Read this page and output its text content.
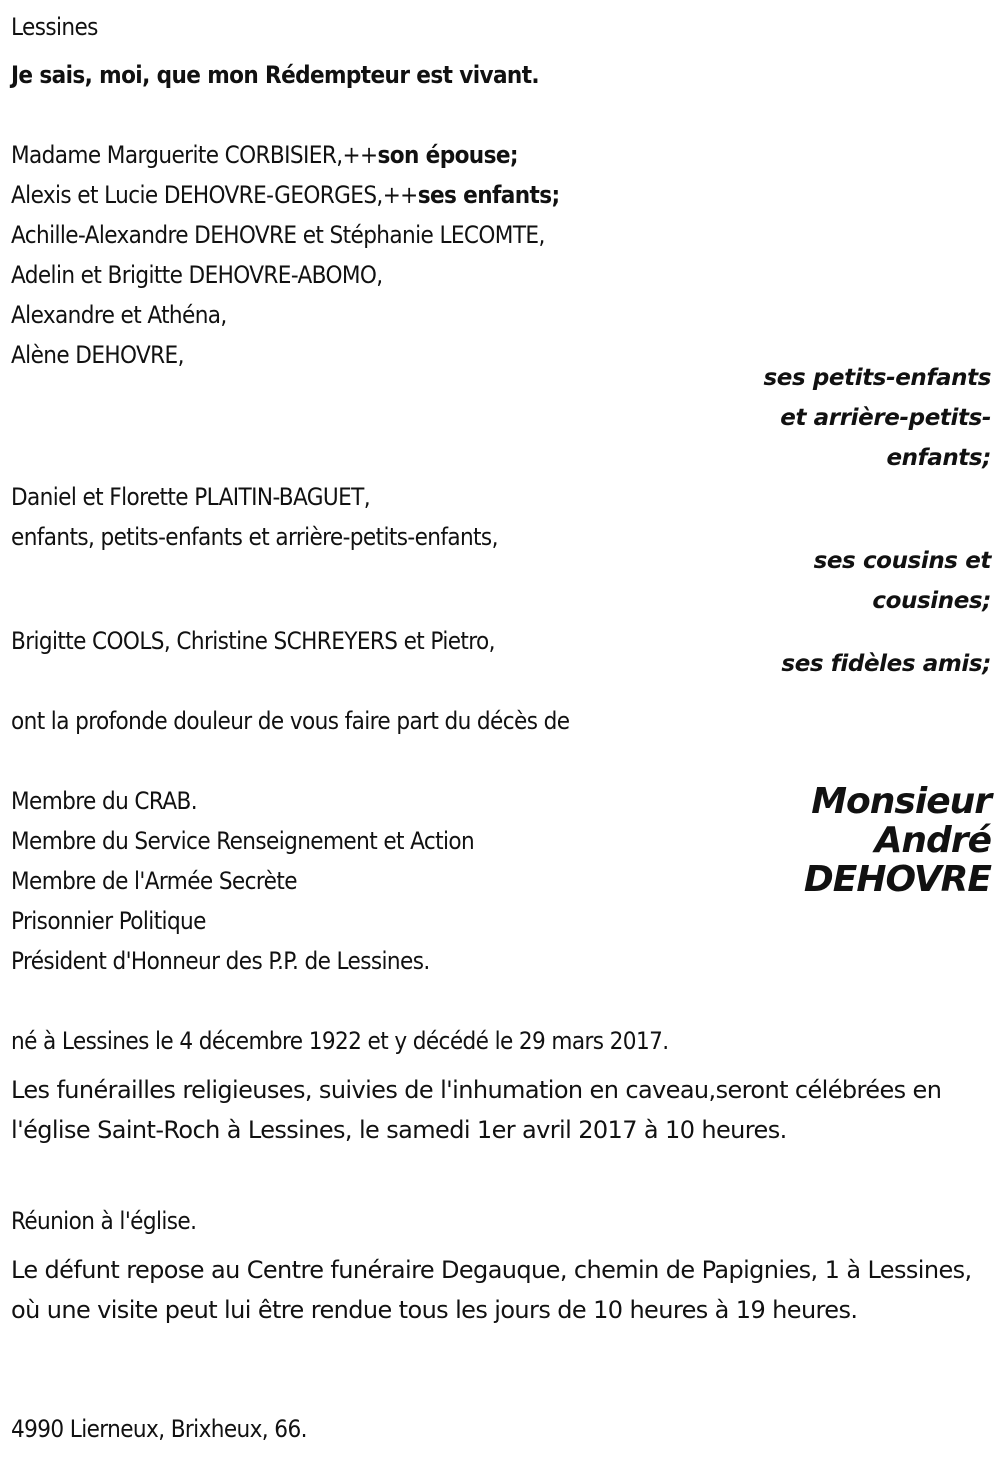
Lessines
Je sais, moi, que mon Rédempteur est vivant.
Madame Marguerite CORBISIER,++son épouse;
Alexis et Lucie DEHOVRE-GEORGES,++ses enfants;
Achille-Alexandre DEHOVRE et Stéphanie LECOMTE,
Adelin et Brigitte DEHOVRE-ABOMO,
Alexandre et Athéna,
Alène DEHOVRE,
ses petits-enfants
et arrière-petits-
enfants;
Daniel et Florette PLAITIN-BAGUET,
enfants, petits-enfants et arrière-petits-enfants,
ses cousins et
cousines;
Brigitte COOLS, Christine SCHREYERS et Pietro,
ses fidèles amis;
ont la profonde douleur de vous faire part du décès de
Membre du CRAB.
Membre du Service Renseignement et Action
Membre de l'Armée Secrète
Prisonnier Politique
Président d'Honneur des P.P. de Lessines.
Monsieur
André
DEHOVRE
né à Lessines le 4 décembre 1922 et y décédé le 29 mars 2017.
Les funérailles religieuses, suivies de l'inhumation en caveau,seront célébrées en l'église Saint-Roch à Lessines, le samedi 1er avril 2017 à 10 heures.
Réunion à l'église.
Le défunt repose au Centre funéraire Degauque, chemin de Papignies, 1 à Lessines, où une visite peut lui être rendue tous les jours de 10 heures à 19 heures.
4990 Lierneux, Brixheux, 66.
